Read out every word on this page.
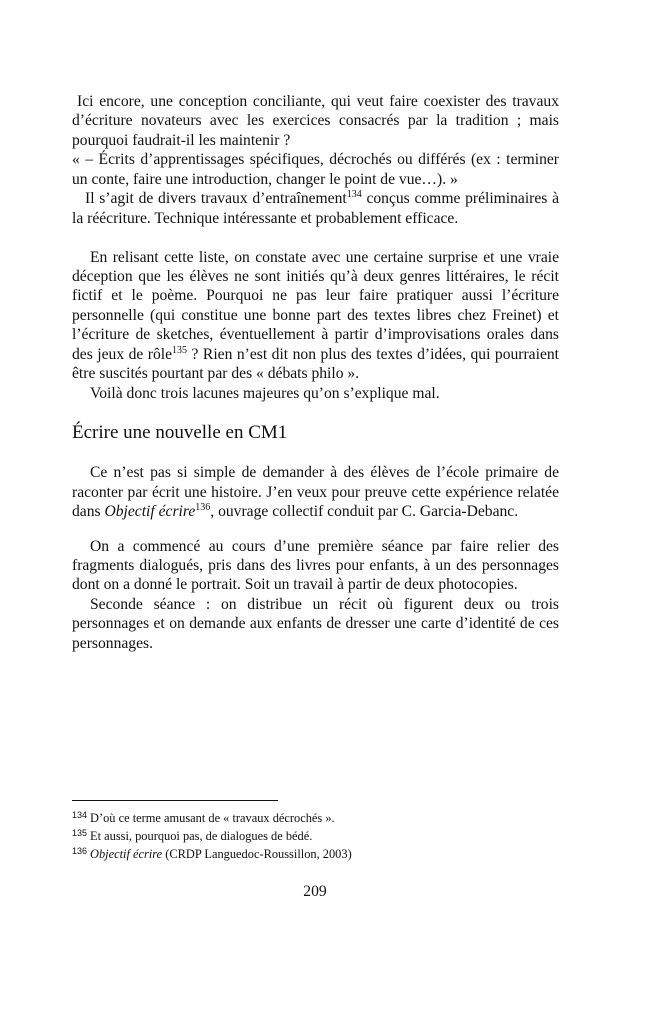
Ici encore, une conception conciliante, qui veut faire coexister des travaux d’écriture novateurs avec les exercices consacrés par la tradition ; mais pourquoi faudrait-il les maintenir ?

« – Écrits d’apprentissages spécifiques, décrochés ou différés (ex : terminer un conte, faire une introduction, changer le point de vue…). »

Il s’agit de divers travaux d’entraînement$^{134}$ conçus comme préliminaires à la réécriture. Technique intéressante et probablement efficace.

En relisant cette liste, on constate avec une certaine surprise et une vraie déception que les élèves ne sont initiés qu’à deux genres littéraires, le récit fictif et le poème. Pourquoi ne pas leur faire pratiquer aussi l’écriture personnelle (qui constitue une bonne part des textes libres chez Freinet) et l’écriture de sketches, éventuellement à partir d’improvisations orales dans des jeux de rôle$^{135}$ ? Rien n’est dit non plus des textes d’idées, qui pourraient être suscités pourtant par des « débats philo ».

Voilà donc trois lacunes majeures qu’on s’explique mal.

Écrire une nouvelle en CM1

Ce n’est pas si simple de demander à des élèves de l’école primaire de raconter par écrit une histoire. J’en veux pour preuve cette expérience relatée dans Objectif écrire$^{136}$, ouvrage collectif conduit par C. Garcia-Debanc.

On a commencé au cours d’une première séance par faire relier des fragments dialogués, pris dans des livres pour enfants, à un des personnages dont on a donné le portrait. Soit un travail à partir de deux photocopies.

Seconde séance : on distribue un récit où figurent deux ou trois personnages et on demande aux enfants de dresser une carte d’identité de ces personnages.

$^{134}$ D’où ce terme amusant de « travaux décrochés ».
$^{135}$ Et aussi, pourquoi pas, de dialogues de bédé.
$^{136}$ Objectif écrire (CRDP Languedoc-Roussillon, 2003)
209
